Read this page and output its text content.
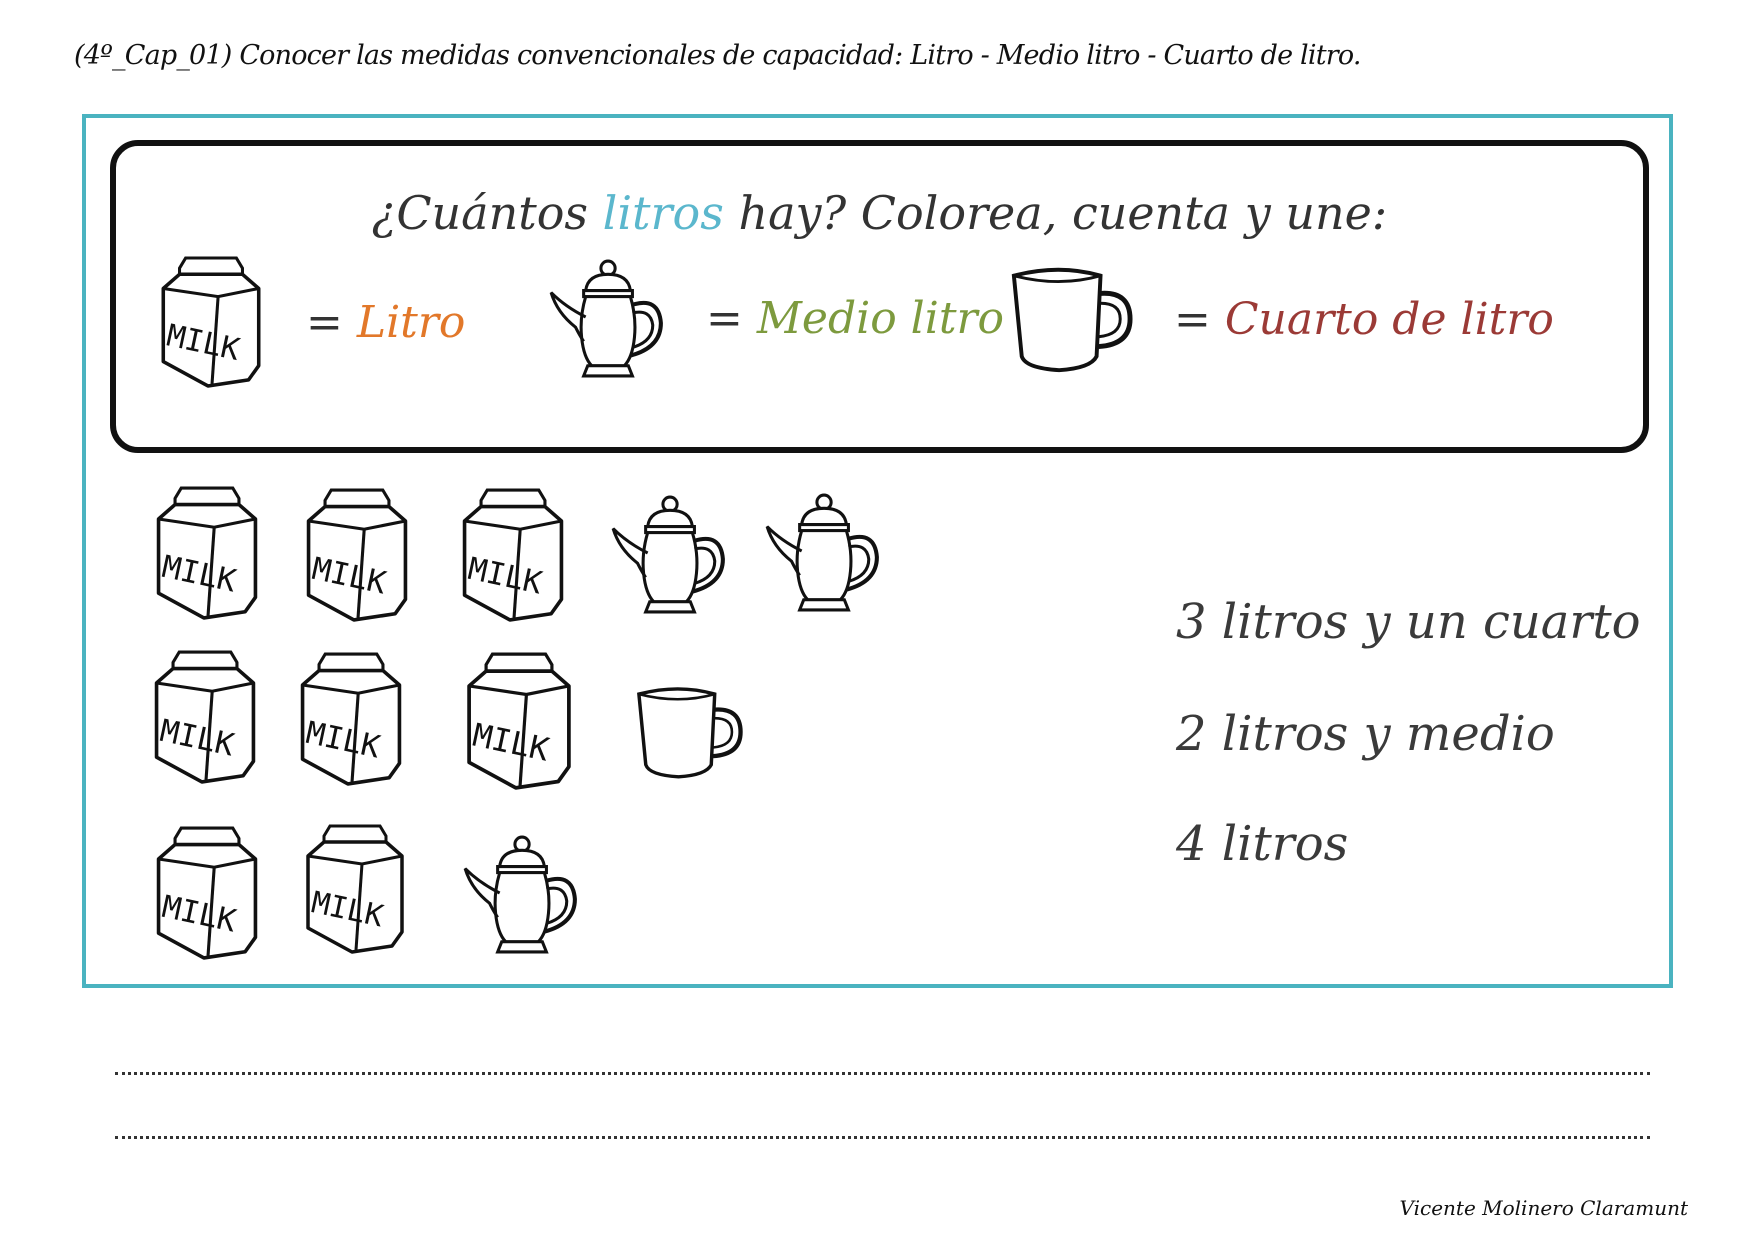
(4º_Cap_01) Conocer las medidas convencionales de capacidad: Litro - Medio litro - Cuarto de litro.
¿Cuántos litros hay? Colorea, cuenta y une:
= Litro	= Medio litro	= Cuarto de litro
3 litros y un cuarto
2 litros y medio
4 litros
Vicente Molinero Claramunt
